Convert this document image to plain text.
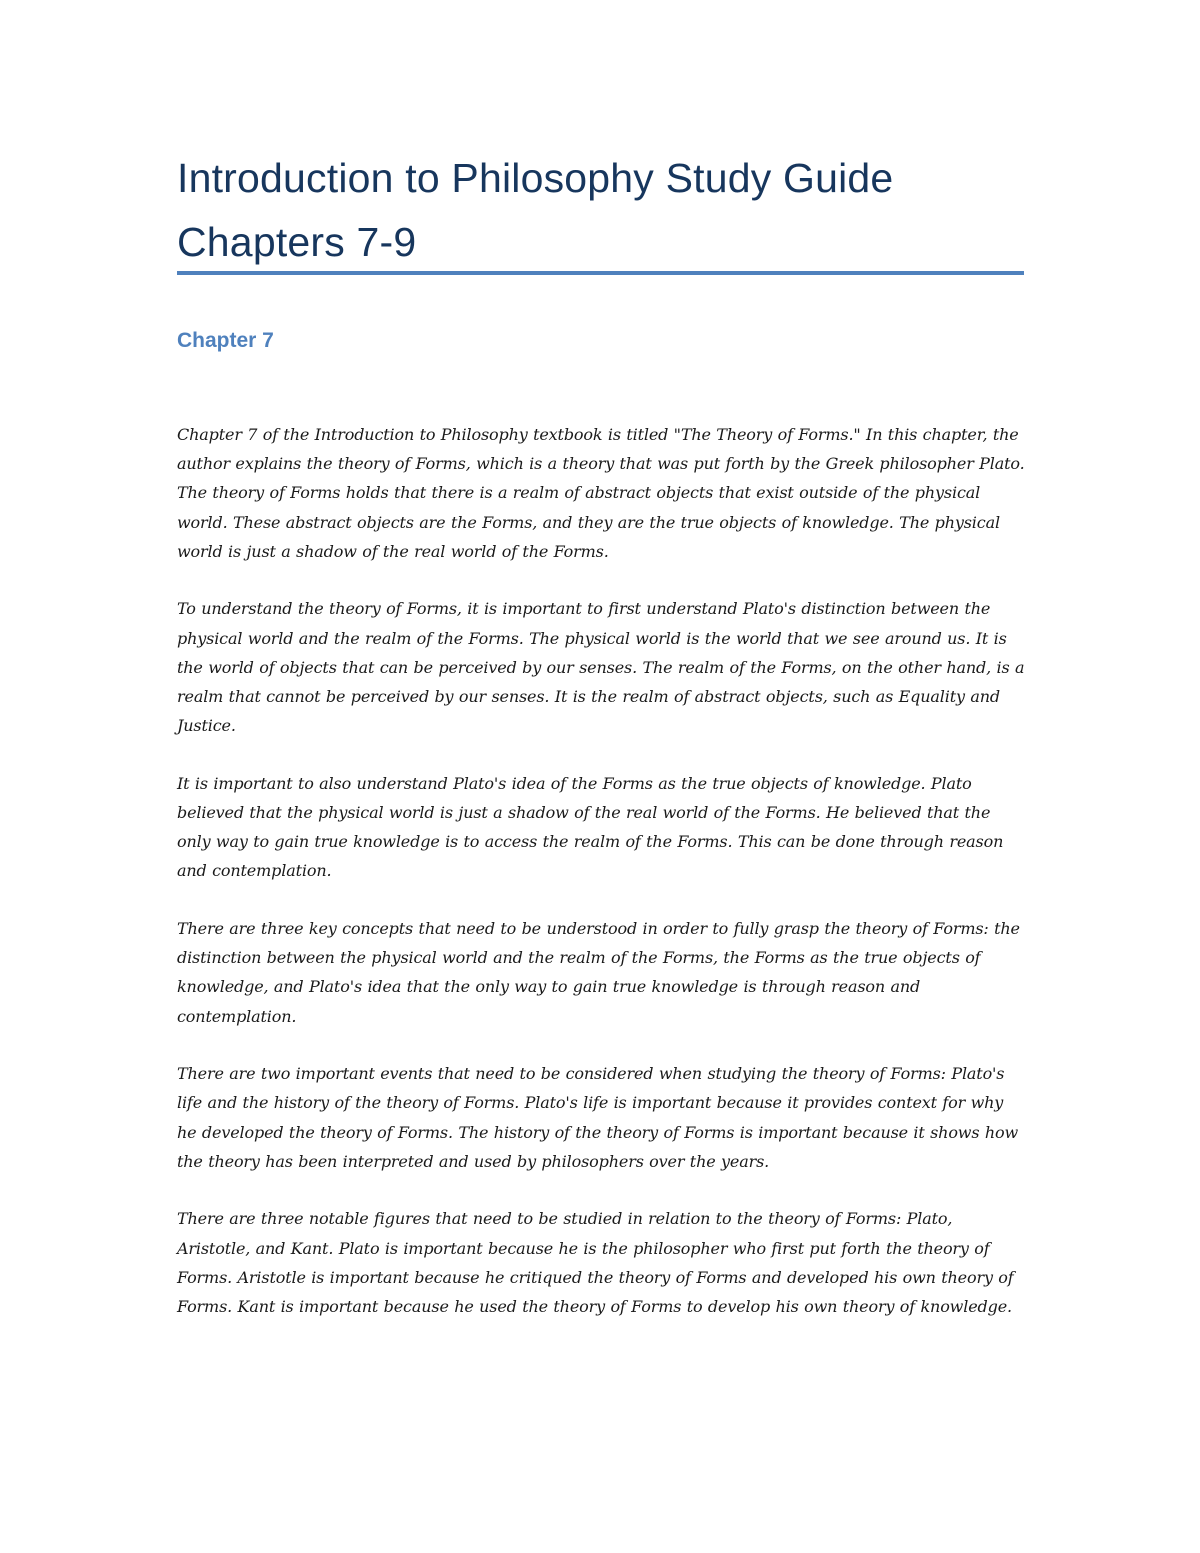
Introduction to Philosophy Study Guide
Chapters 7-9
Chapter 7

Chapter 7 of the Introduction to Philosophy textbook is titled "The Theory of Forms." In this chapter, the author explains the theory of Forms, which is a theory that was put forth by the Greek philosopher Plato. The theory of Forms holds that there is a realm of abstract objects that exist outside of the physical world. These abstract objects are the Forms, and they are the true objects of knowledge. The physical world is just a shadow of the real world of the Forms.

To understand the theory of Forms, it is important to first understand Plato's distinction between the physical world and the realm of the Forms. The physical world is the world that we see around us. It is the world of objects that can be perceived by our senses. The realm of the Forms, on the other hand, is a realm that cannot be perceived by our senses. It is the realm of abstract objects, such as Equality and Justice.

It is important to also understand Plato's idea of the Forms as the true objects of knowledge. Plato believed that the physical world is just a shadow of the real world of the Forms. He believed that the only way to gain true knowledge is to access the realm of the Forms. This can be done through reason and contemplation.

There are three key concepts that need to be understood in order to fully grasp the theory of Forms: the distinction between the physical world and the realm of the Forms, the Forms as the true objects of knowledge, and Plato's idea that the only way to gain true knowledge is through reason and contemplation.

There are two important events that need to be considered when studying the theory of Forms: Plato's life and the history of the theory of Forms. Plato's life is important because it provides context for why he developed the theory of Forms. The history of the theory of Forms is important because it shows how the theory has been interpreted and used by philosophers over the years.

There are three notable figures that need to be studied in relation to the theory of Forms: Plato, Aristotle, and Kant. Plato is important because he is the philosopher who first put forth the theory of Forms. Aristotle is important because he critiqued the theory of Forms and developed his own theory of Forms. Kant is important because he used the theory of Forms to develop his own theory of knowledge.
